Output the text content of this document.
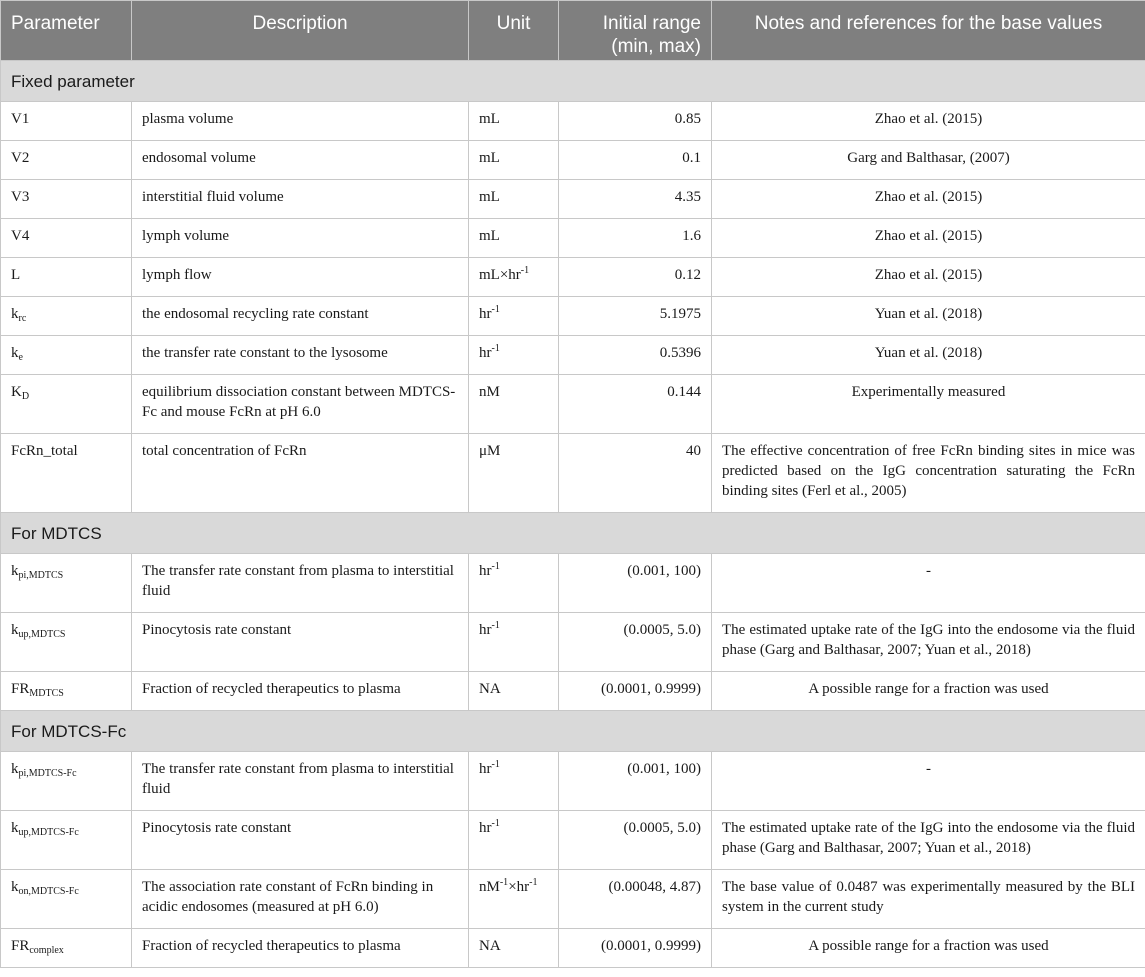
Parameter	Description	Unit	Initial range (min, max)	Notes and references for the base values
Fixed parameter				
V1	plasma volume	mL	0.85	Zhao et al. (2015)
V2	endosomal volume	mL	0.1	Garg and Balthasar, (2007)
V3	interstitial fluid volume	mL	4.35	Zhao et al. (2015)
V4	lymph volume	mL	1.6	Zhao et al. (2015)
L	lymph flow	$mL\times hr^{-1}$	0.12	Zhao et al. (2015)
$k_{rc}$	the endosomal recycling rate constant	$hr^{-1}$	5.1975	Yuan et al. (2018)
$k_e$	the transfer rate constant to the lysosome	$hr^{-1}$	0.5396	Yuan et al. (2018)
$K_D$	equilibrium dissociation constant between MDTCS-Fc and mouse FcRn at pH 6.0	nM	0.144	Experimentally measured
FcRn_total	total concentration of FcRn	μM	40	The effective concentration of free FcRn binding sites in mice was predicted based on the IgG concentration saturating the FcRn binding sites (Ferl et al., 2005)
For MDTCS				
$k_{pi,MDTCS}$	The transfer rate constant from plasma to interstitial fluid	$hr^{-1}$	(0.001, 100)	-
$k_{up,MDTCS}$	Pinocytosis rate constant	$hr^{-1}$	(0.0005, 5.0)	The estimated uptake rate of the IgG into the endosome via the fluid phase (Garg and Balthasar, 2007; Yuan et al., 2018)
$FR_{MDTCS}$	Fraction of recycled therapeutics to plasma	NA	(0.0001, 0.9999)	A possible range for a fraction was used
For MDTCS-Fc				
$k_{pi,MDTCS-Fc}$	The transfer rate constant from plasma to interstitial fluid	$hr^{-1}$	(0.001, 100)	-
$k_{up,MDTCS-Fc}$	Pinocytosis rate constant	$hr^{-1}$	(0.0005, 5.0)	The estimated uptake rate of the IgG into the endosome via the fluid phase (Garg and Balthasar, 2007; Yuan et al., 2018)
$k_{on,MDTCS-Fc}$	The association rate constant of FcRn binding in acidic endosomes (measured at pH 6.0)	$nM^{-1}\times hr^{-1}$	(0.00048, 4.87)	The base value of 0.0487 was experimentally measured by the BLI system in the current study
$FR_{complex}$	Fraction of recycled therapeutics to plasma	NA	(0.0001, 0.9999)	A possible range for a fraction was used
